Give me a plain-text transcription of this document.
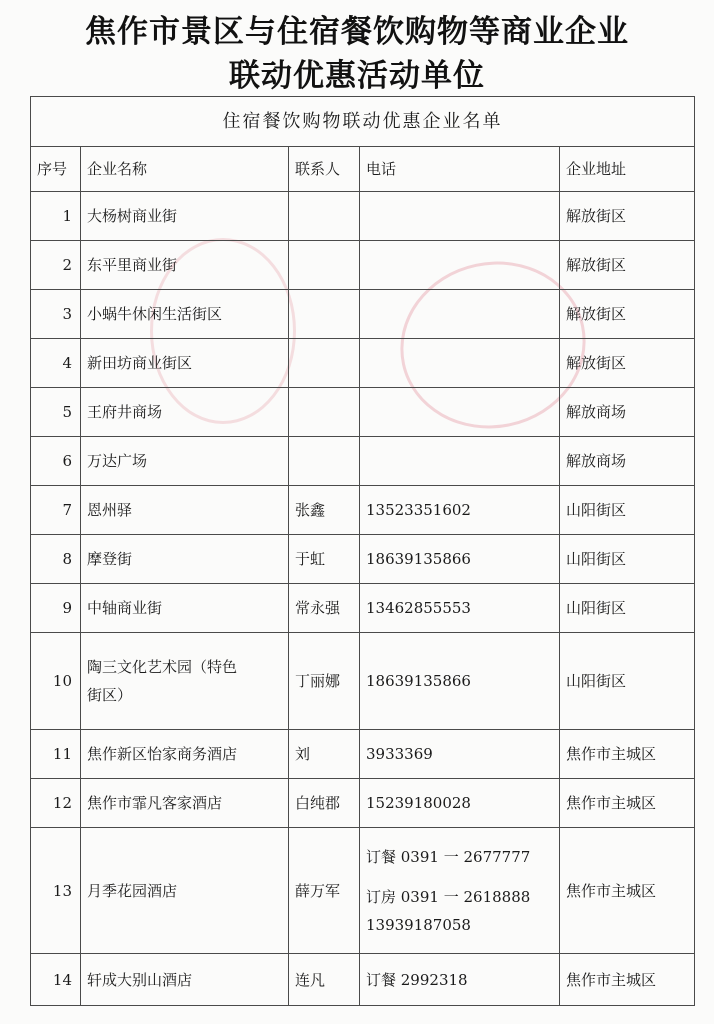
焦作市景区与住宿餐饮购物等商业企业
联动优惠活动单位
住宿餐饮购物联动优惠企业名单				
序号	企业名称	联系人	电话	企业地址
1	大杨树商业街			解放街区
2	东平里商业街			解放街区
3	小蜗牛休闲生活街区			解放街区
4	新田坊商业街区			解放街区
5	王府井商场			解放商场
6	万达广场			解放商场
7	恩州驿	张鑫	13523351602	山阳街区
8	摩登街	于虹	18639135866	山阳街区
9	中轴商业街	常永强	13462855553	山阳街区
10	陶三文化艺术园（特色
街区）	丁丽娜	18639135866	山阳街区
11	焦作新区怡家商务酒店	刘	3933369	焦作市主城区
12	焦作市霏凡客家酒店	白纯郡	15239180028	焦作市主城区
13	月季花园酒店	薛万军	订餐 0391 一 2677777
订房 0391 一 2618888
13939187058	焦作市主城区
14	轩成大别山酒店	连凡	订餐 2992318	焦作市主城区
